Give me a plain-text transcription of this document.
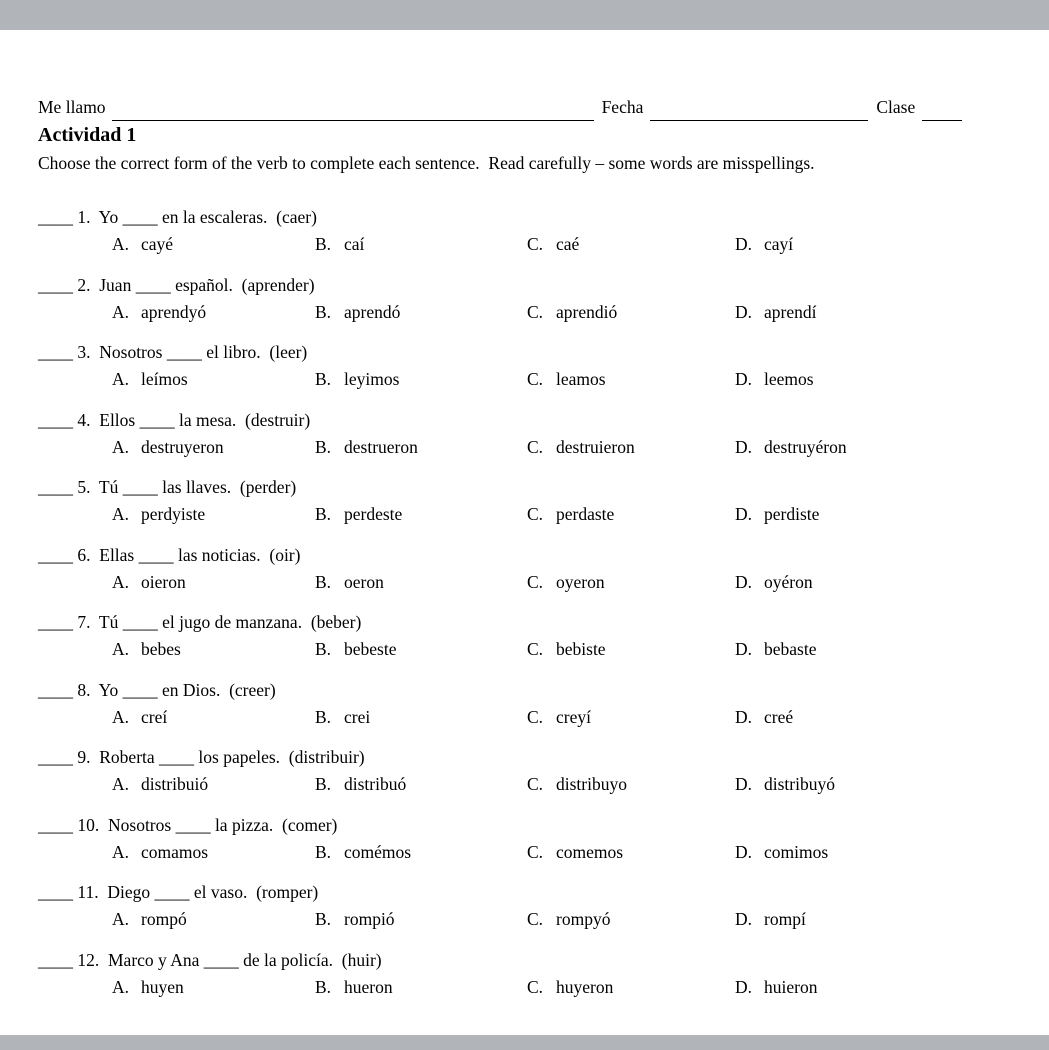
Me llamo	Fecha	Clase
Actividad 1
Choose the correct form of the verb to complete each sentence.  Read carefully – some words are misspellings.
____ 1.  Yo ____ en la escaleras.  (caer)
A. cayé	B. caí	C. caé	D. cayí
____ 2.  Juan ____ español.  (aprender)
A. aprendyó	B. aprendó	C. aprendió	D. aprendí
____ 3.  Nosotros ____ el libro.  (leer)
A. leímos	B. leyimos	C. leamos	D. leemos
____ 4.  Ellos ____ la mesa.  (destruir)
A. destruyeron	B. destrueron	C. destruieron	D. destruyéron
____ 5.  Tú ____ las llaves.  (perder)
A. perdyiste	B. perdeste	C. perdaste	D. perdiste
____ 6.  Ellas ____ las noticias.  (oir)
A. oieron	B. oeron	C. oyeron	D. oyéron
____ 7.  Tú ____ el jugo de manzana.  (beber)
A. bebes	B. bebeste	C. bebiste	D. bebaste
____ 8.  Yo ____ en Dios.  (creer)
A. creí	B. crei	C. creyí	D. creé
____ 9.  Roberta ____ los papeles.  (distribuir)
A. distribuió	B. distribuó	C. distribuyo	D. distribuyó
____ 10.  Nosotros ____ la pizza.  (comer)
A. comamos	B. comémos	C. comemos	D. comimos
____ 11.  Diego ____ el vaso.  (romper)
A. rompó	B. rompió	C. rompyó	D. rompí
____ 12.  Marco y Ana ____ de la policía.  (huir)
A. huyen	B. hueron	C. huyeron	D. huieron
